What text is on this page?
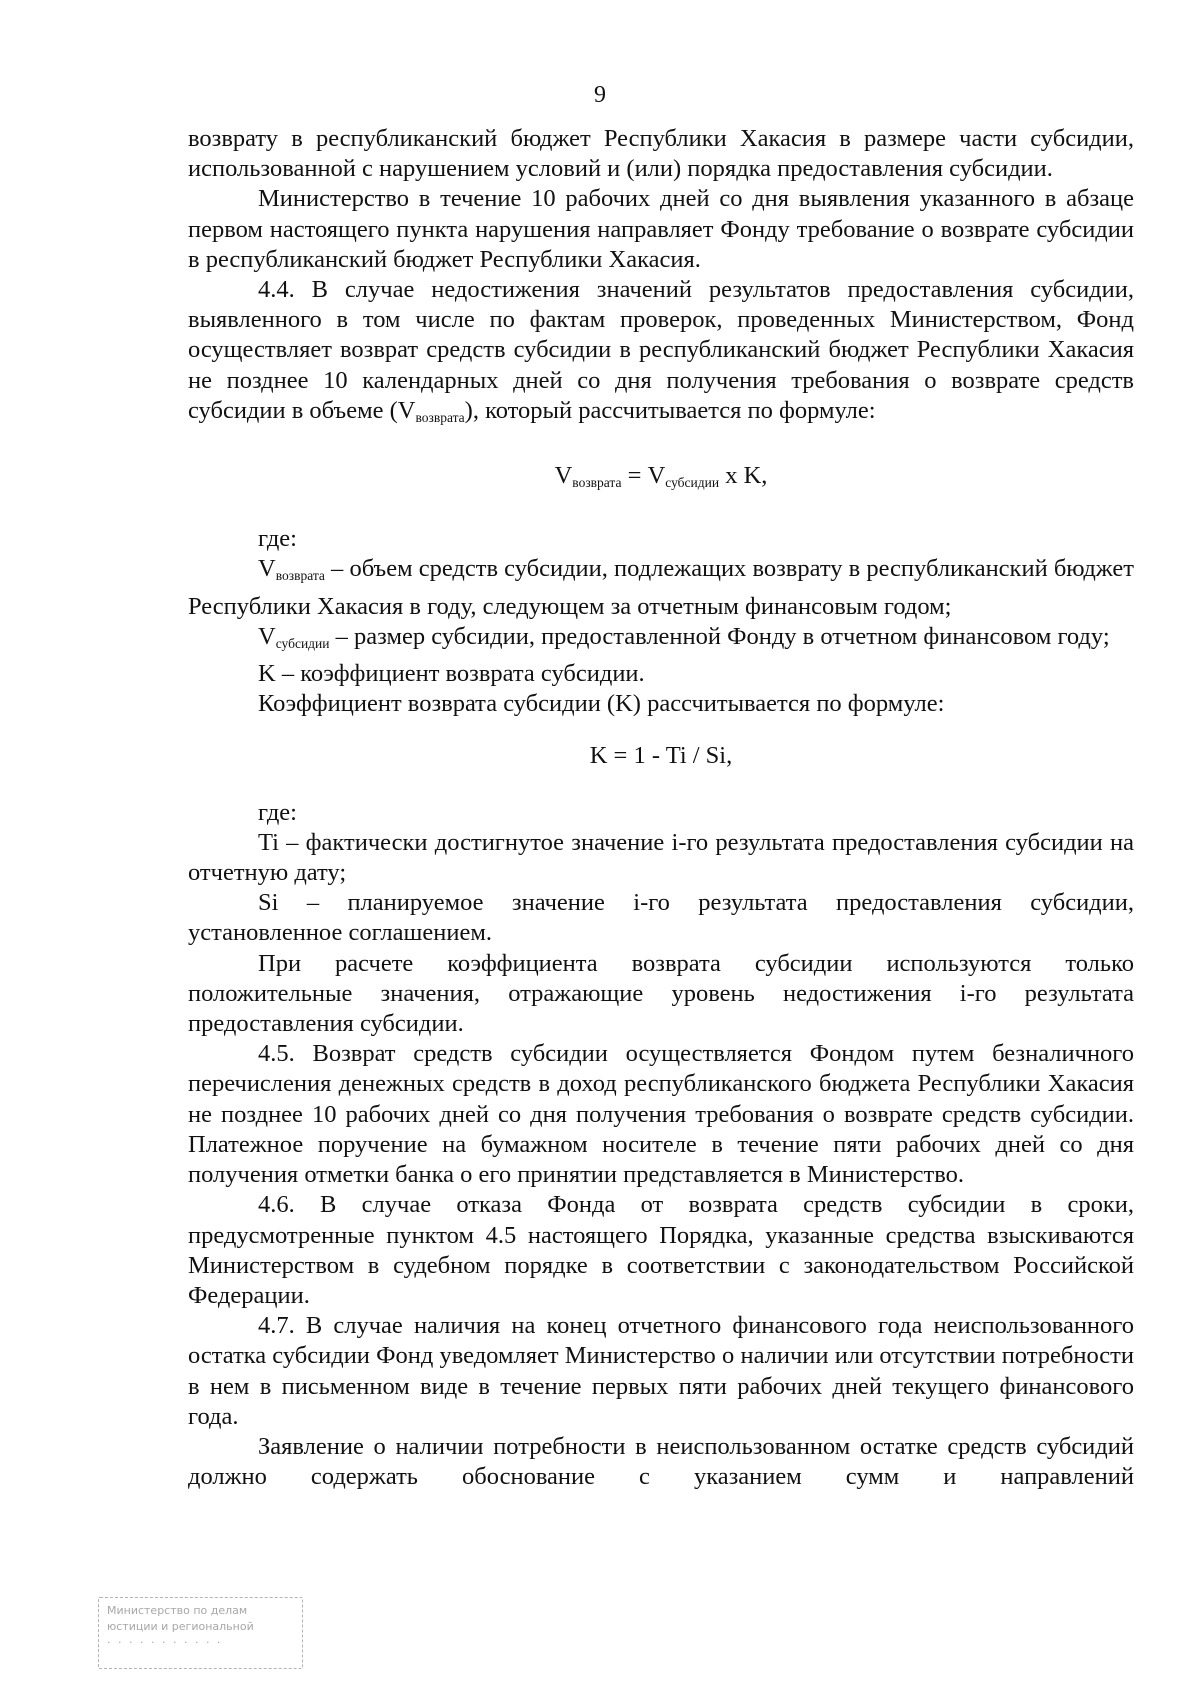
9

возврату в республиканский бюджет Республики Хакасия в размере части субсидии, использованной с нарушением условий и (или) порядка предоставления субсидии.

Министерство в течение 10 рабочих дней со дня выявления указанного в абзаце первом настоящего пункта нарушения направляет Фонду требование о возврате субсидии в республиканский бюджет Республики Хакасия.

4.4. В случае недостижения значений результатов предоставления субсидии, выявленного в том числе по фактам проверок, проведенных Министерством, Фонд осуществляет возврат средств субсидии в республиканский бюджет Республики Хакасия не позднее 10 календарных дней со дня получения требования о возврате средств субсидии в объеме $(V_{возврата})$, который рассчитывается по формуле:

$V_{возврата} = V_{субсидии}$ x K,

где:

$V_{возврата}$ – объем средств субсидии, подлежащих возврату в республиканский бюджет Республики Хакасия в году, следующем за отчетным финансовым годом;

$V_{субсидии}$ – размер субсидии, предоставленной Фонду в отчетном финансовом году;

K – коэффициент возврата субсидии.

Коэффициент возврата субсидии (K) рассчитывается по формуле:

K = 1 - Ti / Si,

где:

Ti – фактически достигнутое значение i-го результата предоставления субсидии на отчетную дату;

Si – планируемое значение i-го результата предоставления субсидии, установленное соглашением.

При расчете коэффициента возврата субсидии используются только положительные значения, отражающие уровень недостижения i-го результата предоставления субсидии.

4.5. Возврат средств субсидии осуществляется Фондом путем безналичного перечисления денежных средств в доход республиканского бюджета Республики Хакасия не позднее 10 рабочих дней со дня получения требования о возврате средств субсидии. Платежное поручение на бумажном носителе в течение пяти рабочих дней со дня получения отметки банка о его принятии представляется в Министерство.

4.6. В случае отказа Фонда от возврата средств субсидии в сроки, предусмотренные пунктом 4.5 настоящего Порядка, указанные средства взыскиваются Министерством в судебном порядке в соответствии с законодательством Российской Федерации.

4.7. В случае наличия на конец отчетного финансового года неиспользованного остатка субсидии Фонд уведомляет Министерство о наличии или отсутствии потребности в нем в письменном виде в течение первых пяти рабочих дней текущего финансового года.

Заявление о наличии потребности в неиспользованном остатке средств субсидий должно содержать обоснование с указанием сумм и направлений

Министерство по делам
юстиции и региональной
· · · · · · · · · · ·
